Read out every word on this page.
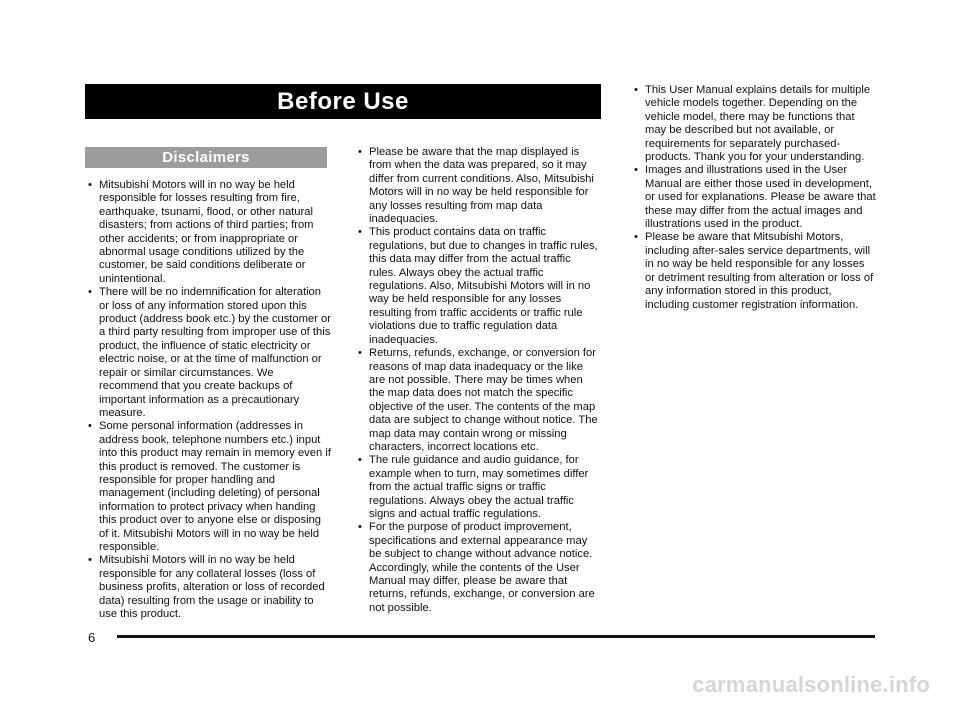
Before Use
Disclaimers
• Mitsubishi Motors will in no way be held responsible for losses resulting from fire, earthquake, tsunami, flood, or other natural disasters; from actions of third parties; from other accidents; or from inappropriate or abnormal usage conditions utilized by the customer, be said conditions deliberate or unintentional.
• There will be no indemnification for alteration or loss of any information stored upon this product (address book etc.) by the customer or a third party resulting from improper use of this product, the influence of static electricity or electric noise, or at the time of malfunction or repair or similar circumstances. We recommend that you create backups of important information as a precautionary measure.
• Some personal information (addresses in address book, telephone numbers etc.) input into this product may remain in memory even if this product is removed. The customer is responsible for proper handling and management (including deleting) of personal information to protect privacy when handing this product over to anyone else or disposing of it. Mitsubishi Motors will in no way be held responsible.
• Mitsubishi Motors will in no way be held responsible for any collateral losses (loss of business profits, alteration or loss of recorded data) resulting from the usage or inability to use this product.
• Please be aware that the map displayed is from when the data was prepared, so it may differ from current conditions. Also, Mitsubishi Motors will in no way be held responsible for any losses resulting from map data inadequacies.
• This product contains data on traffic regulations, but due to changes in traffic rules, this data may differ from the actual traffic rules. Always obey the actual traffic regulations. Also, Mitsubishi Motors will in no way be held responsible for any losses resulting from traffic accidents or traffic rule violations due to traffic regulation data inadequacies.
• Returns, refunds, exchange, or conversion for reasons of map data inadequacy or the like are not possible. There may be times when the map data does not match the specific objective of the user. The contents of the map data are subject to change without notice. The map data may contain wrong or missing characters, incorrect locations etc.
• The rule guidance and audio guidance, for example when to turn, may sometimes differ from the actual traffic signs or traffic regulations. Always obey the actual traffic signs and actual traffic regulations.
• For the purpose of product improvement, specifications and external appearance may be subject to change without advance notice. Accordingly, while the contents of the User Manual may differ, please be aware that returns, refunds, exchange, or conversion are not possible.
• This User Manual explains details for multiple vehicle models together. Depending on the vehicle model, there may be functions that may be described but not available, or requirements for separately purchased-products. Thank you for your understanding.
• Images and illustrations used in the User Manual are either those used in development, or used for explanations. Please be aware that these may differ from the actual images and illustrations used in the product.
• Please be aware that Mitsubishi Motors, including after-sales service departments, will in no way be held responsible for any losses or detriment resulting from alteration or loss of any information stored in this product, including customer registration information.
6
carmanualsonline.info
